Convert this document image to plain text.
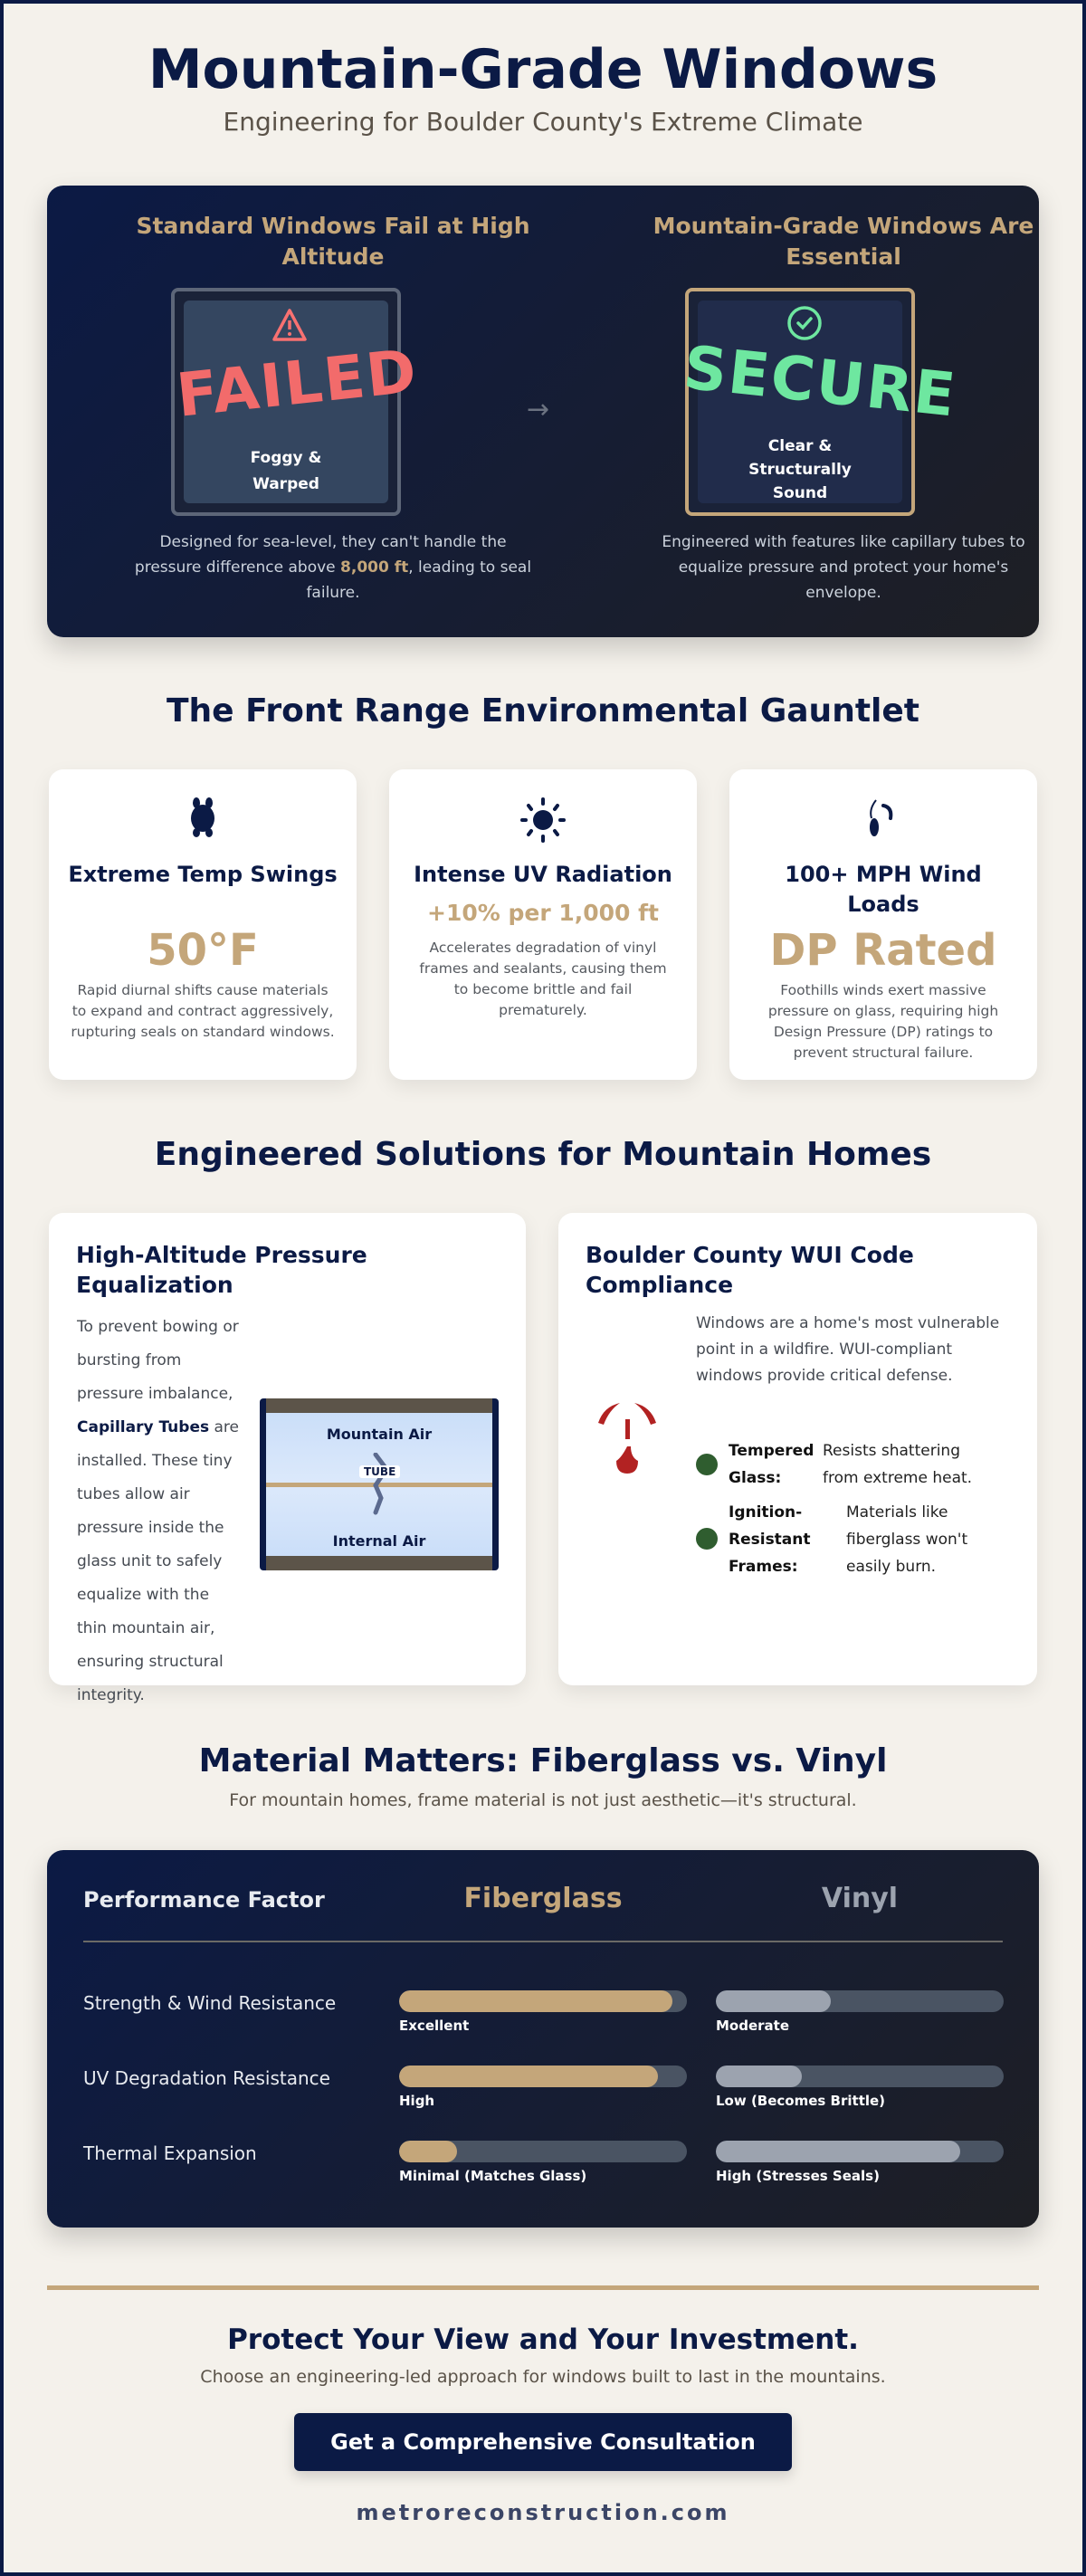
Mountain-Grade Windows
Engineering for Boulder County's Extreme Climate
Standard Windows Fail at High Altitude
FAILED
Foggy &
Warped
→
Mountain-Grade Windows Are Essential
SECURE
Clear &
Structurally
Sound
Designed for sea-level, they can't handle the pressure difference above 8,000 ft, leading to seal failure.
Engineered with features like capillary tubes to equalize pressure and protect your home's envelope.
The Front Range Environmental Gauntlet
Extreme Temp Swings
50°F
Rapid diurnal shifts cause materials to expand and contract aggressively, rupturing seals on standard windows.
Intense UV Radiation
+10% per 1,000 ft
Accelerates degradation of vinyl frames and sealants, causing them to become brittle and fail prematurely.
100+ MPH Wind Loads
DP Rated
Foothills winds exert massive pressure on glass, requiring high Design Pressure (DP) ratings to prevent structural failure.
Engineered Solutions for Mountain Homes
High-Altitude Pressure Equalization
To prevent bowing or bursting from pressure imbalance, Capillary Tubes are installed. These tiny tubes allow air pressure inside the glass unit to safely equalize with the thin mountain air, ensuring structural integrity.
Mountain Air
TUBE
Internal Air
Boulder County WUI Code Compliance
Windows are a home's most vulnerable point in a wildfire. WUI-compliant windows provide critical defense.
Tempered Glass:
Resists shattering from extreme heat.
Ignition-Resistant Frames:
Materials like fiberglass won't easily burn.
Material Matters: Fiberglass vs. Vinyl
For mountain homes, frame material is not just aesthetic—it's structural.
Performance Factor	Fiberglass	Vinyl
Strength & Wind Resistance
Excellent	Moderate
UV Degradation Resistance
High	Low (Becomes Brittle)
Thermal Expansion
Minimal (Matches Glass)	High (Stresses Seals)
Protect Your View and Your Investment.
Choose an engineering-led approach for windows built to last in the mountains.
Get a Comprehensive Consultation
metroreconstruction.com
